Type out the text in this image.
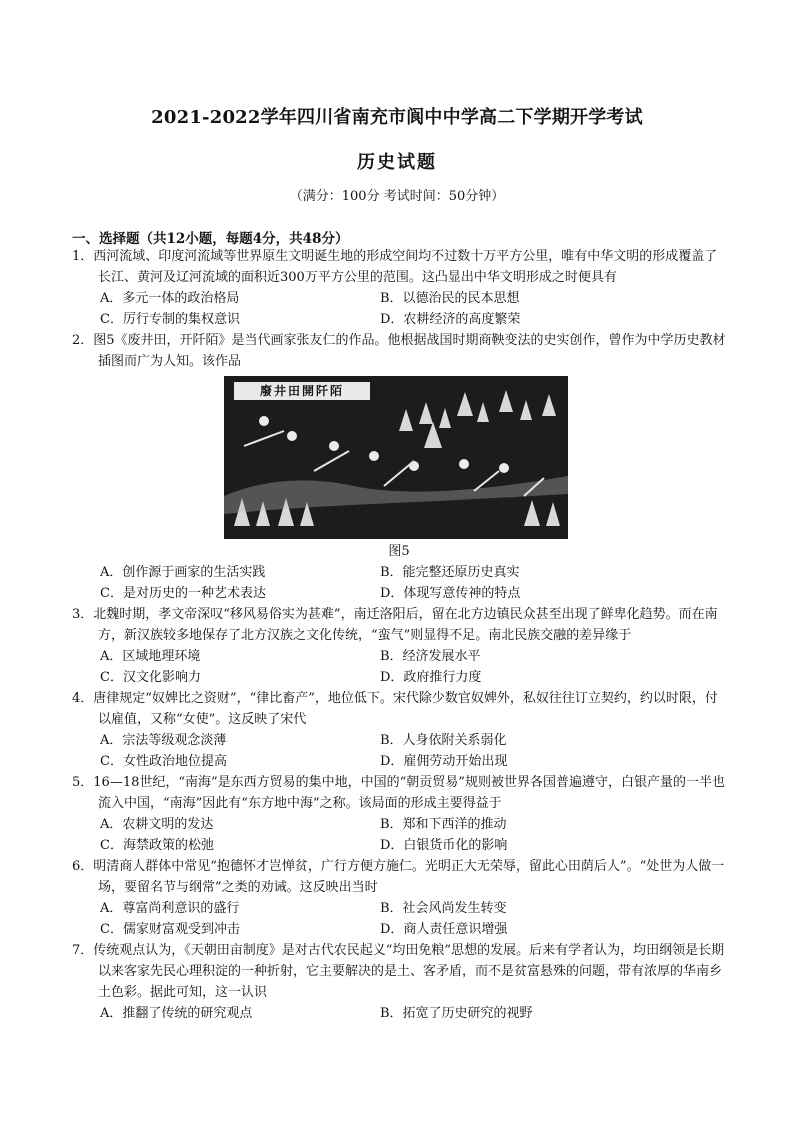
2021-2022学年四川省南充市阆中中学高二下学期开学考试
历史试题
（满分：100分 考试时间：50分钟）
一、选择题（共12小题，每题4分，共48分）

1．西河流域、印度河流域等世界原生文明诞生地的形成空间均不过数十万平方公里，唯有中华文明的形成覆盖了长江、黄河及辽河流域的面积近300万平方公里的范围。这凸显出中华文明形成之时便具有

A．多元一体的政治格局	B．以德治民的民本思想
C．厉行专制的集权意识	D．农耕经济的高度繁荣

2．图5《废井田，开阡陌》是当代画家张友仁的作品。他根据战国时期商鞅变法的史实创作，曾作为中学历史教材插图而广为人知。该作品

廢井田開阡陌
图5
A．创作源于画家的生活实践	B．能完整还原历史真实
C．是对历史的一种艺术表达	D．体现写意传神的特点

3．北魏时期，孝文帝深叹“移风易俗实为甚难”，南迁洛阳后，留在北方边镇民众甚至出现了鲜卑化趋势。而在南方，新汉族较多地保存了北方汉族之文化传统，“蛮气”则显得不足。南北民族交融的差异缘于

A．区域地理环境	B．经济发展水平
C．汉文化影响力	D．政府推行力度

4．唐律规定“奴婢比之资财”，“律比畜产”，地位低下。宋代除少数官奴婢外，私奴往往订立契约，约以时限，付以雇值，又称“女使”。这反映了宋代

A．宗法等级观念淡薄	B．人身依附关系弱化
C．女性政治地位提高	D．雇佣劳动开始出现

5．16—18世纪，“南海”是东西方贸易的集中地，中国的“朝贡贸易”规则被世界各国普遍遵守，白银产量的一半也流入中国，“南海”因此有“东方地中海”之称。该局面的形成主要得益于

A．农耕文明的发达	B．郑和下西洋的推动
C．海禁政策的松弛	D．白银货币化的影响

6．明清商人群体中常见“抱德怀才岂惮贫，广行方便方施仁。光明正大无荣辱，留此心田荫后人”。“处世为人做一场，要留名节与纲常”之类的劝诫。这反映出当时

A．尊富尚利意识的盛行	B．社会风尚发生转变
C．儒家财富观受到冲击	D．商人责任意识增强

7．传统观点认为，《天朝田亩制度》是对古代农民起义“均田免粮”思想的发展。后来有学者认为，均田纲领是长期以来客家先民心理积淀的一种折射，它主要解决的是土、客矛盾，而不是贫富悬殊的问题，带有浓厚的华南乡土色彩。据此可知，这一认识

A．推翻了传统的研究观点	B．拓宽了历史研究的视野
